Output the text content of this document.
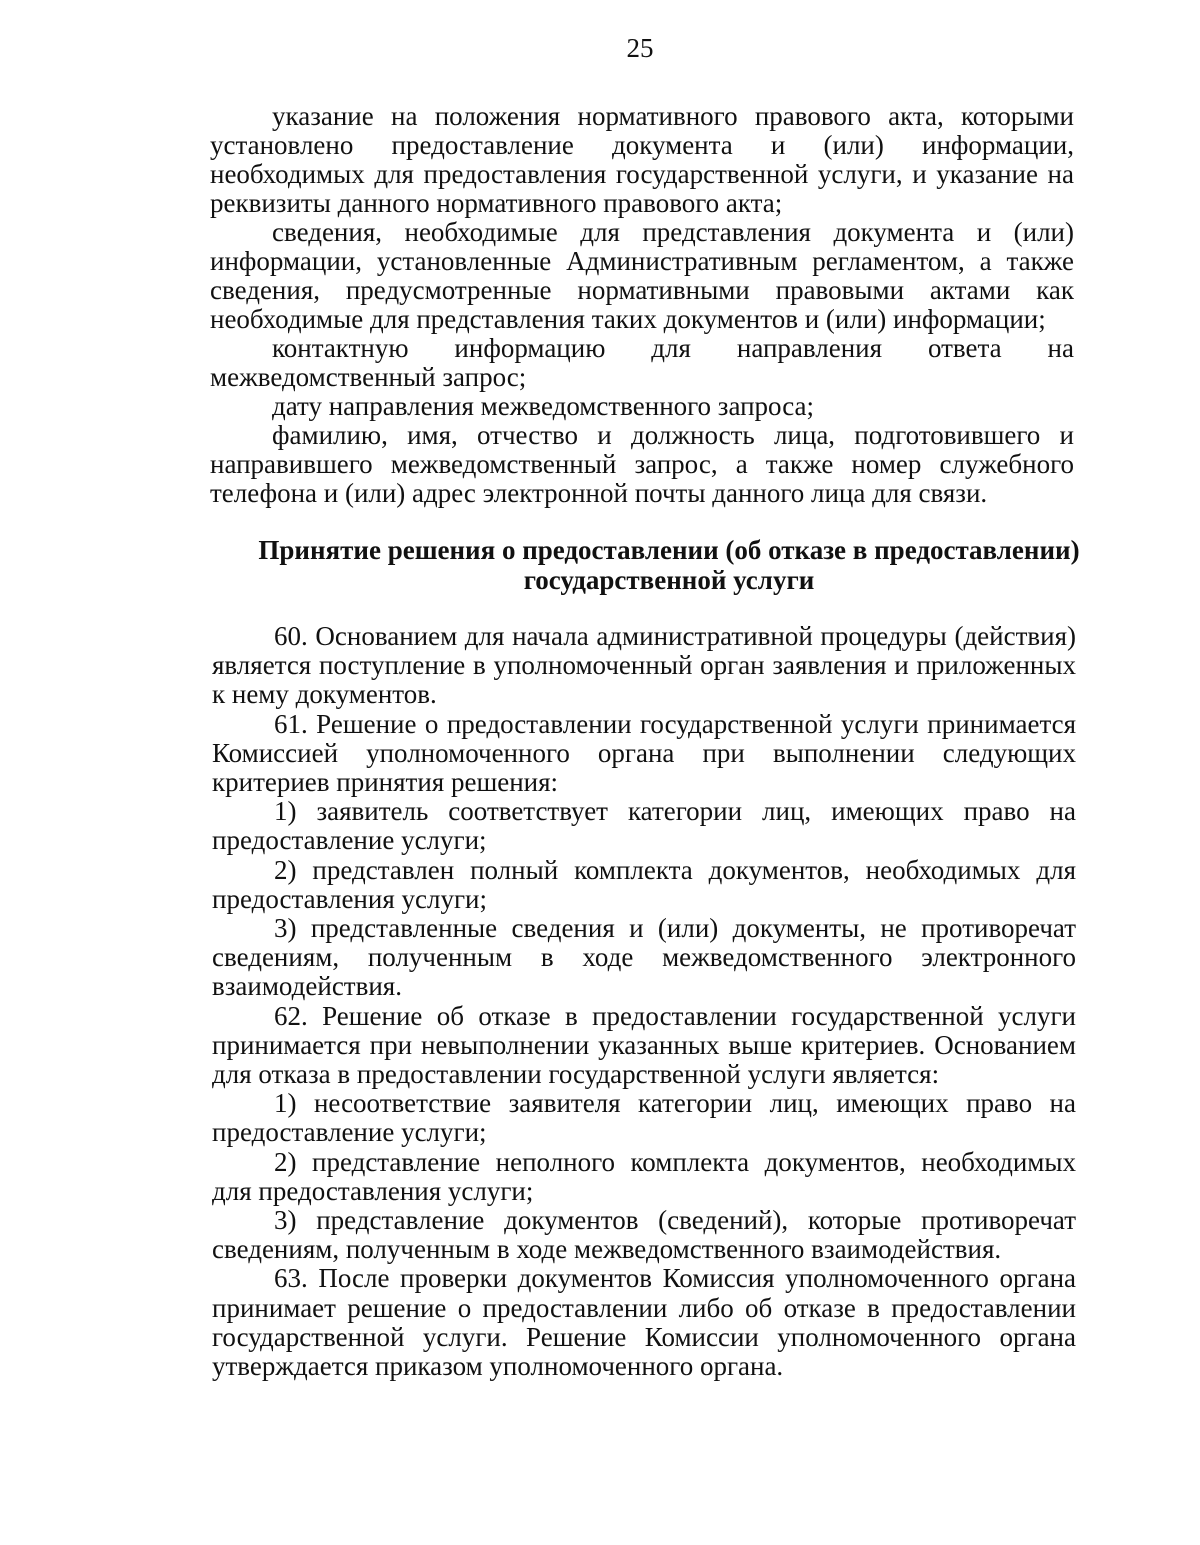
25

указание на положения нормативного правового акта, которыми установлено предоставление документа и (или) информации, необходимых для предоставления государственной услуги, и указание на реквизиты данного нормативного правового акта;

сведения, необходимые для представления документа и (или) информации, установленные Административным регламентом, а также сведения, предусмотренные нормативными правовыми актами как необходимые для представления таких документов и (или) информации;

контактную информацию для направления ответа на межведомственный запрос;

дату направления межведомственного запроса;

фамилию, имя, отчество и должность лица, подготовившего и направившего межведомственный запрос, а также номер служебного телефона и (или) адрес электронной почты данного лица для связи.

Принятие решения о предоставлении (об отказе в предоставлении)

государственной услуги

60. Основанием для начала административной процедуры (действия) является поступление в уполномоченный орган заявления и приложенных к нему документов.

61. Решение о предоставлении государственной услуги принимается Комиссией уполномоченного органа при выполнении следующих критериев принятия решения:

1) заявитель соответствует категории лиц, имеющих право на предоставление услуги;

2) представлен полный комплекта документов, необходимых для предоставления услуги;

3) представленные сведения и (или) документы, не противоречат сведениям, полученным в ходе межведомственного электронного взаимодействия.

62. Решение об отказе в предоставлении государственной услуги принимается при невыполнении указанных выше критериев. Основанием для отказа в предоставлении государственной услуги является:

1) несоответствие заявителя категории лиц, имеющих право на предоставление услуги;

2) представление неполного комплекта документов, необходимых для предоставления услуги;

3) представление документов (сведений), которые противоречат сведениям, полученным в ходе межведомственного взаимодействия.

63. После проверки документов Комиссия уполномоченного органа принимает решение о предоставлении либо об отказе в предоставлении государственной услуги. Решение Комиссии уполномоченного органа утверждается приказом уполномоченного органа.
